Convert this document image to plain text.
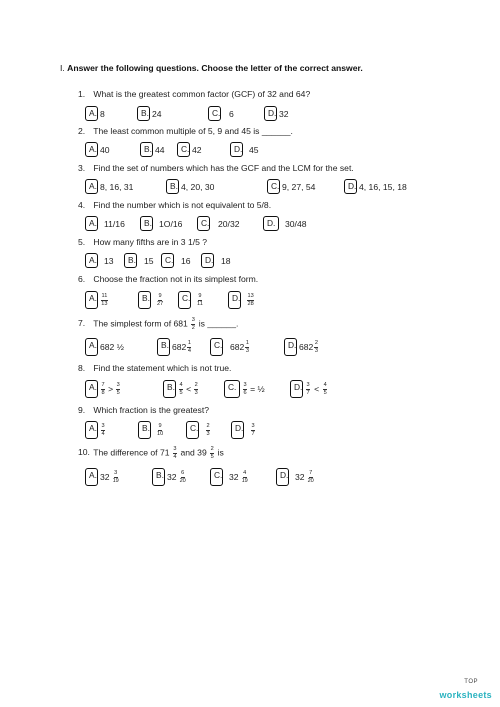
I. Answer the following questions. Choose the letter of the correct answer.
1. What is the greatest common factor (GCF) of 32 and 64?
A. 8	B. 24	C. 6	D. 32
2. The least common multiple of 5, 9 and 45 is ______.
A. 40	B. 44 C. 42	D. 45
3. Find the set of numbers which has the GCF and the LCM for the set.
A. 8, 16, 31	B. 4, 20, 30	C. 9, 27, 54	D. 4, 16, 15, 18
4. Find the number which is not equivalent to 5/8.
A. 11/16 B. 1O/16 C. 20/32	D. 30/48
5. How many fifths are in 3 1/5 ?
A. 13 B. 15 C. 16 D. 18
6. Choose the fraction not in its simplest form.
A. $\frac{11}{13}$	B. $\frac{9}{27} C$. $\frac{9}{11}$	D. $\frac{13}{28}$
7. The simplest form of $681 \frac{3}{2}$ is ______.
A. 682 ½	B. $682 \frac{1}{4}$	C. $682 \frac{1}{3}$	D. $682 \frac{2}{3}$
8. Find the statement which is not true.
A. $\frac{7}{8} > \frac{3}{5}$	B. $\frac{4}{5} < \frac{2}{3}$	C. $\frac{3}{6}$ = ½	D. $\frac{3}{7} < \frac{4}{5}$
9. Which fraction is the greatest?
A. $\frac{3}{4}$	B. $\frac{9}{10}$	C. $\frac{2}{3}$	D. $\frac{3}{7}$
10. The difference of $71 \frac{3}{4}$ and $39 \frac{2}{5}$ is
A. $32 \frac{3}{19}$	B. $32 \frac{6}{20}$	C. $32 \frac{4}{19}$	D. $32 \frac{7}{20}$
TOP
worksheets
